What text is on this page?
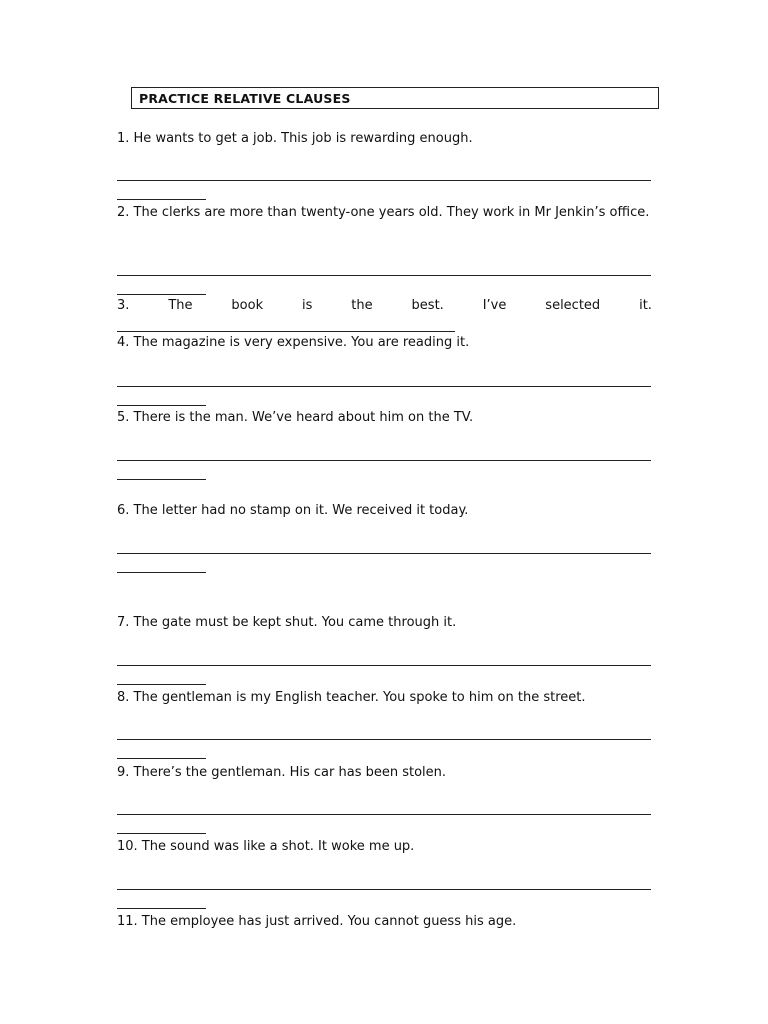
PRACTICE RELATIVE CLAUSES
1. He wants to get a job. This job is rewarding enough.
2. The clerks are more than twenty-one years old. They work in Mr Jenkin’s office.
3.	The	book	is	the	best.	I’ve	selected	it.
4. The magazine is very expensive. You are reading it.
5. There is the man. We’ve heard about him on the TV.
6. The letter had no stamp on it. We received it today.
7. The gate must be kept shut. You came through it.
8. The gentleman is my English teacher. You spoke to him on the street.
9. There’s the gentleman. His car has been stolen.
10. The sound was like a shot. It woke me up.
11. The employee has just arrived. You cannot guess his age.
